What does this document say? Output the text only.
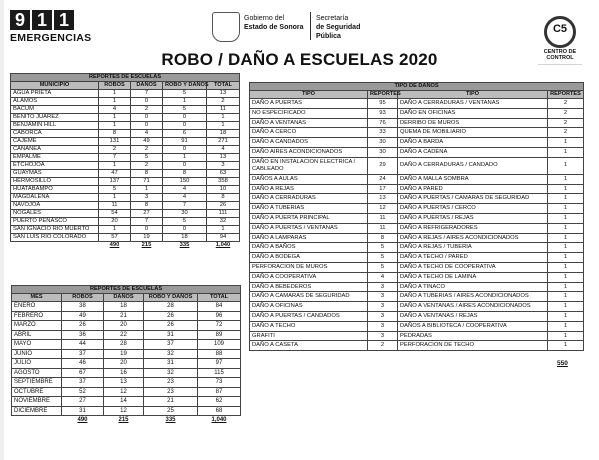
9 1 1
EMERGENCIAS
Gobierno del
Estado de Sonora
Secretaría
de Seguridad Pública
C5
CENTRO DE CONTROL
———————————
ROBO / DAÑO A ESCUELAS 2020
REPORTES DE ESCUELAS				
MUNICIPIO	ROBOS	DAÑOS	ROBO Y DAÑOS	TOTAL
AGUA PRIETA	1	7	5	13
ALAMOS	1	0	1	2
BACUM	4	2	5	11
BENITO JUAREZ	1	0	0	1
BENJAMIN HILL	1	0	0	1
CABORCA	8	4	6	18
CAJEME	131	49	91	271
CANANEA	2	2	0	4
EMPALME	7	5	1	13
ETCHOJOA	1	2	0	3
GUAYMAS	47	8	8	63
HERMOSILLO	137	71	150	358
HUATABAMPO	5	1	4	10
MAGDALENA	1	3	4	8
NAVOJOA	11	8	7	26
NOGALES	54	27	30	111
PUERTO PEÑASCO	20	7	5	32
SAN IGNACIO RIO MUERTO	1	0	0	1
SAN LUIS RIO COLORADO	57	19	18	94
	490	215	335	1,040
REPORTES DE ESCUELAS				
MES	ROBOS	DAÑOS	ROBO Y DAÑOS	TOTAL
ENERO	38	18	28	84
FEBRERO	49	21	26	96
MARZO	26	20	26	72
ABRIL	36	22	31	89
MAYO	44	28	37	109
JUNIO	37	19	32	88
JULIO	46	20	31	97
AGOSTO	67	16	32	115
SEPTIEMBRE	37	13	23	73
OCTUBRE	52	12	23	87
NOVIEMBRE	27	14	21	62
DICIEMBRE	31	12	25	68
	490	215	335	1,040
TIPO DE DAÑOS			
TIPO	REPORTES	TIPO	REPORTES
DAÑO A PUERTAS	95	DAÑO A CERRADURAS / VENTANAS	2
NO ESPECIFICADO	93	DAÑO EN OFICINAS	2
DAÑO A VENTANAS	76	DERRIBO DE MUROS	2
DAÑO A CERCO	33	QUEMA DE MOBILIARIO	2
DAÑO A CANDADOS	30	DAÑO A BARDA	1
DAÑO AIRES ACONDICIONADOS	30	DAÑO A CADENA	1
DAÑO EN INSTALACION ELECTRICA / CABLEADO	29	DAÑO A CERRADURAS / CANDADO	1
DAÑOS A AULAS	24	DAÑO A MALLA SOMBRA	1
DAÑO A REJAS	17	DAÑO A PARED	1
DAÑO A CERRADURAS	13	DAÑO A PUERTAS / CAMARAS DE SEGURIDAD	1
DAÑO A TUBERIAS	12	DAÑO A PUERTAS / CERCO	1
DAÑO A PUERTA PRINCIPAL	11	DAÑO A PUERTAS / REJAS	1
DAÑO A PUERTAS / VENTANAS	11	DAÑO A REFRIGERADORES	1
DAÑO A LAMPARAS	8	DAÑO A REJAS / AIRES ACONDICIONADOS	1
DAÑO A BAÑOS	5	DAÑO A REJAS / TUBERIA	1
DAÑO A BODEGA	5	DAÑO A TECHO / PARED	1
PERFORACION DE MUROS	5	DAÑO A TECHO DE COOPERATIVA	1
DAÑO A COOPERATIVA	4	DAÑO A TECHO DE LAMINA	1
DAÑO A BEBEDEROS	3	DAÑO A TINACO	1
DAÑO A CAMARAS DE SEGURIDAD	3	DAÑO A TUBERIAS / AIRES ACONDICIONADOS	1
DAÑO A OFICINAS	3	DAÑO A VENTANAS / AIRES ACONDICIONADOS	1
DAÑO A PUERTAS / CANDADOS	3	DAÑO A VENTANAS / REJAS	1
DAÑO A TECHO	3	DAÑOS A BIBLIOTECA / COOPERATIVA	1
GRAFITI	3	PEDRADAS	1
DAÑO A CASETA	2	PERFORACION DE TECHO	1
550
